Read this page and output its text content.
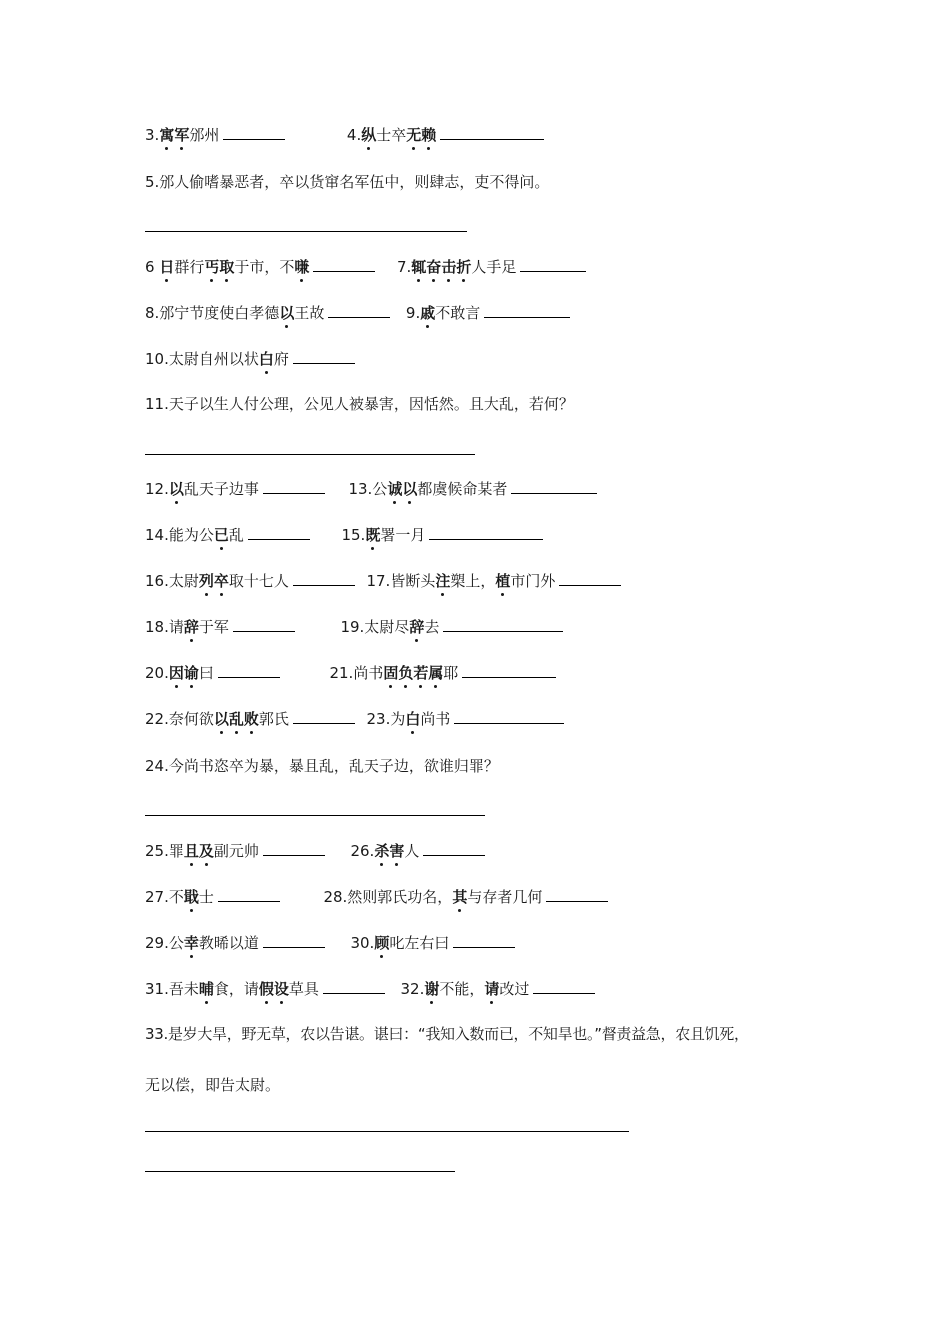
3.寓军邠州	4.纵士卒无赖
5.邠人偷嗜暴恶者，卒以货窜名军伍中，则肆志，吏不得问。
6 日群行丐取于市，不嗛	7.辄奋击折人手足
8.邠宁节度使白孝德以王故	9.戚不敢言
10.太尉自州以状白府
11.天子以生人付公理，公见人被暴害，因恬然。且大乱，若何？
12.以乱天子边事	13.公诚以都虞候命某者
14.能为公已乱	15.既署一月
16.太尉列卒取十七人	17.皆断头注槊上，植市门外
18.请辞于军	19.太尉尽辞去
20.因谕曰	21.尚书固负若属耶
22.奈何欲以乱败郭氏	23.为白尚书
24.今尚书恣卒为暴，暴且乱，乱天子边，欲谁归罪？
25.罪且及副元帅	26.杀害人
27.不戢士	28.然则郭氏功名，其与存者几何
29.公幸教晞以道	30.顾叱左右曰
31.吾未晡食，请假设草具	32.谢不能，请改过
33.是岁大旱，野无草，农以告谌。谌曰：“我知入数而已，不知旱也。”督责益急，农且饥死，
无以偿，即告太尉。
